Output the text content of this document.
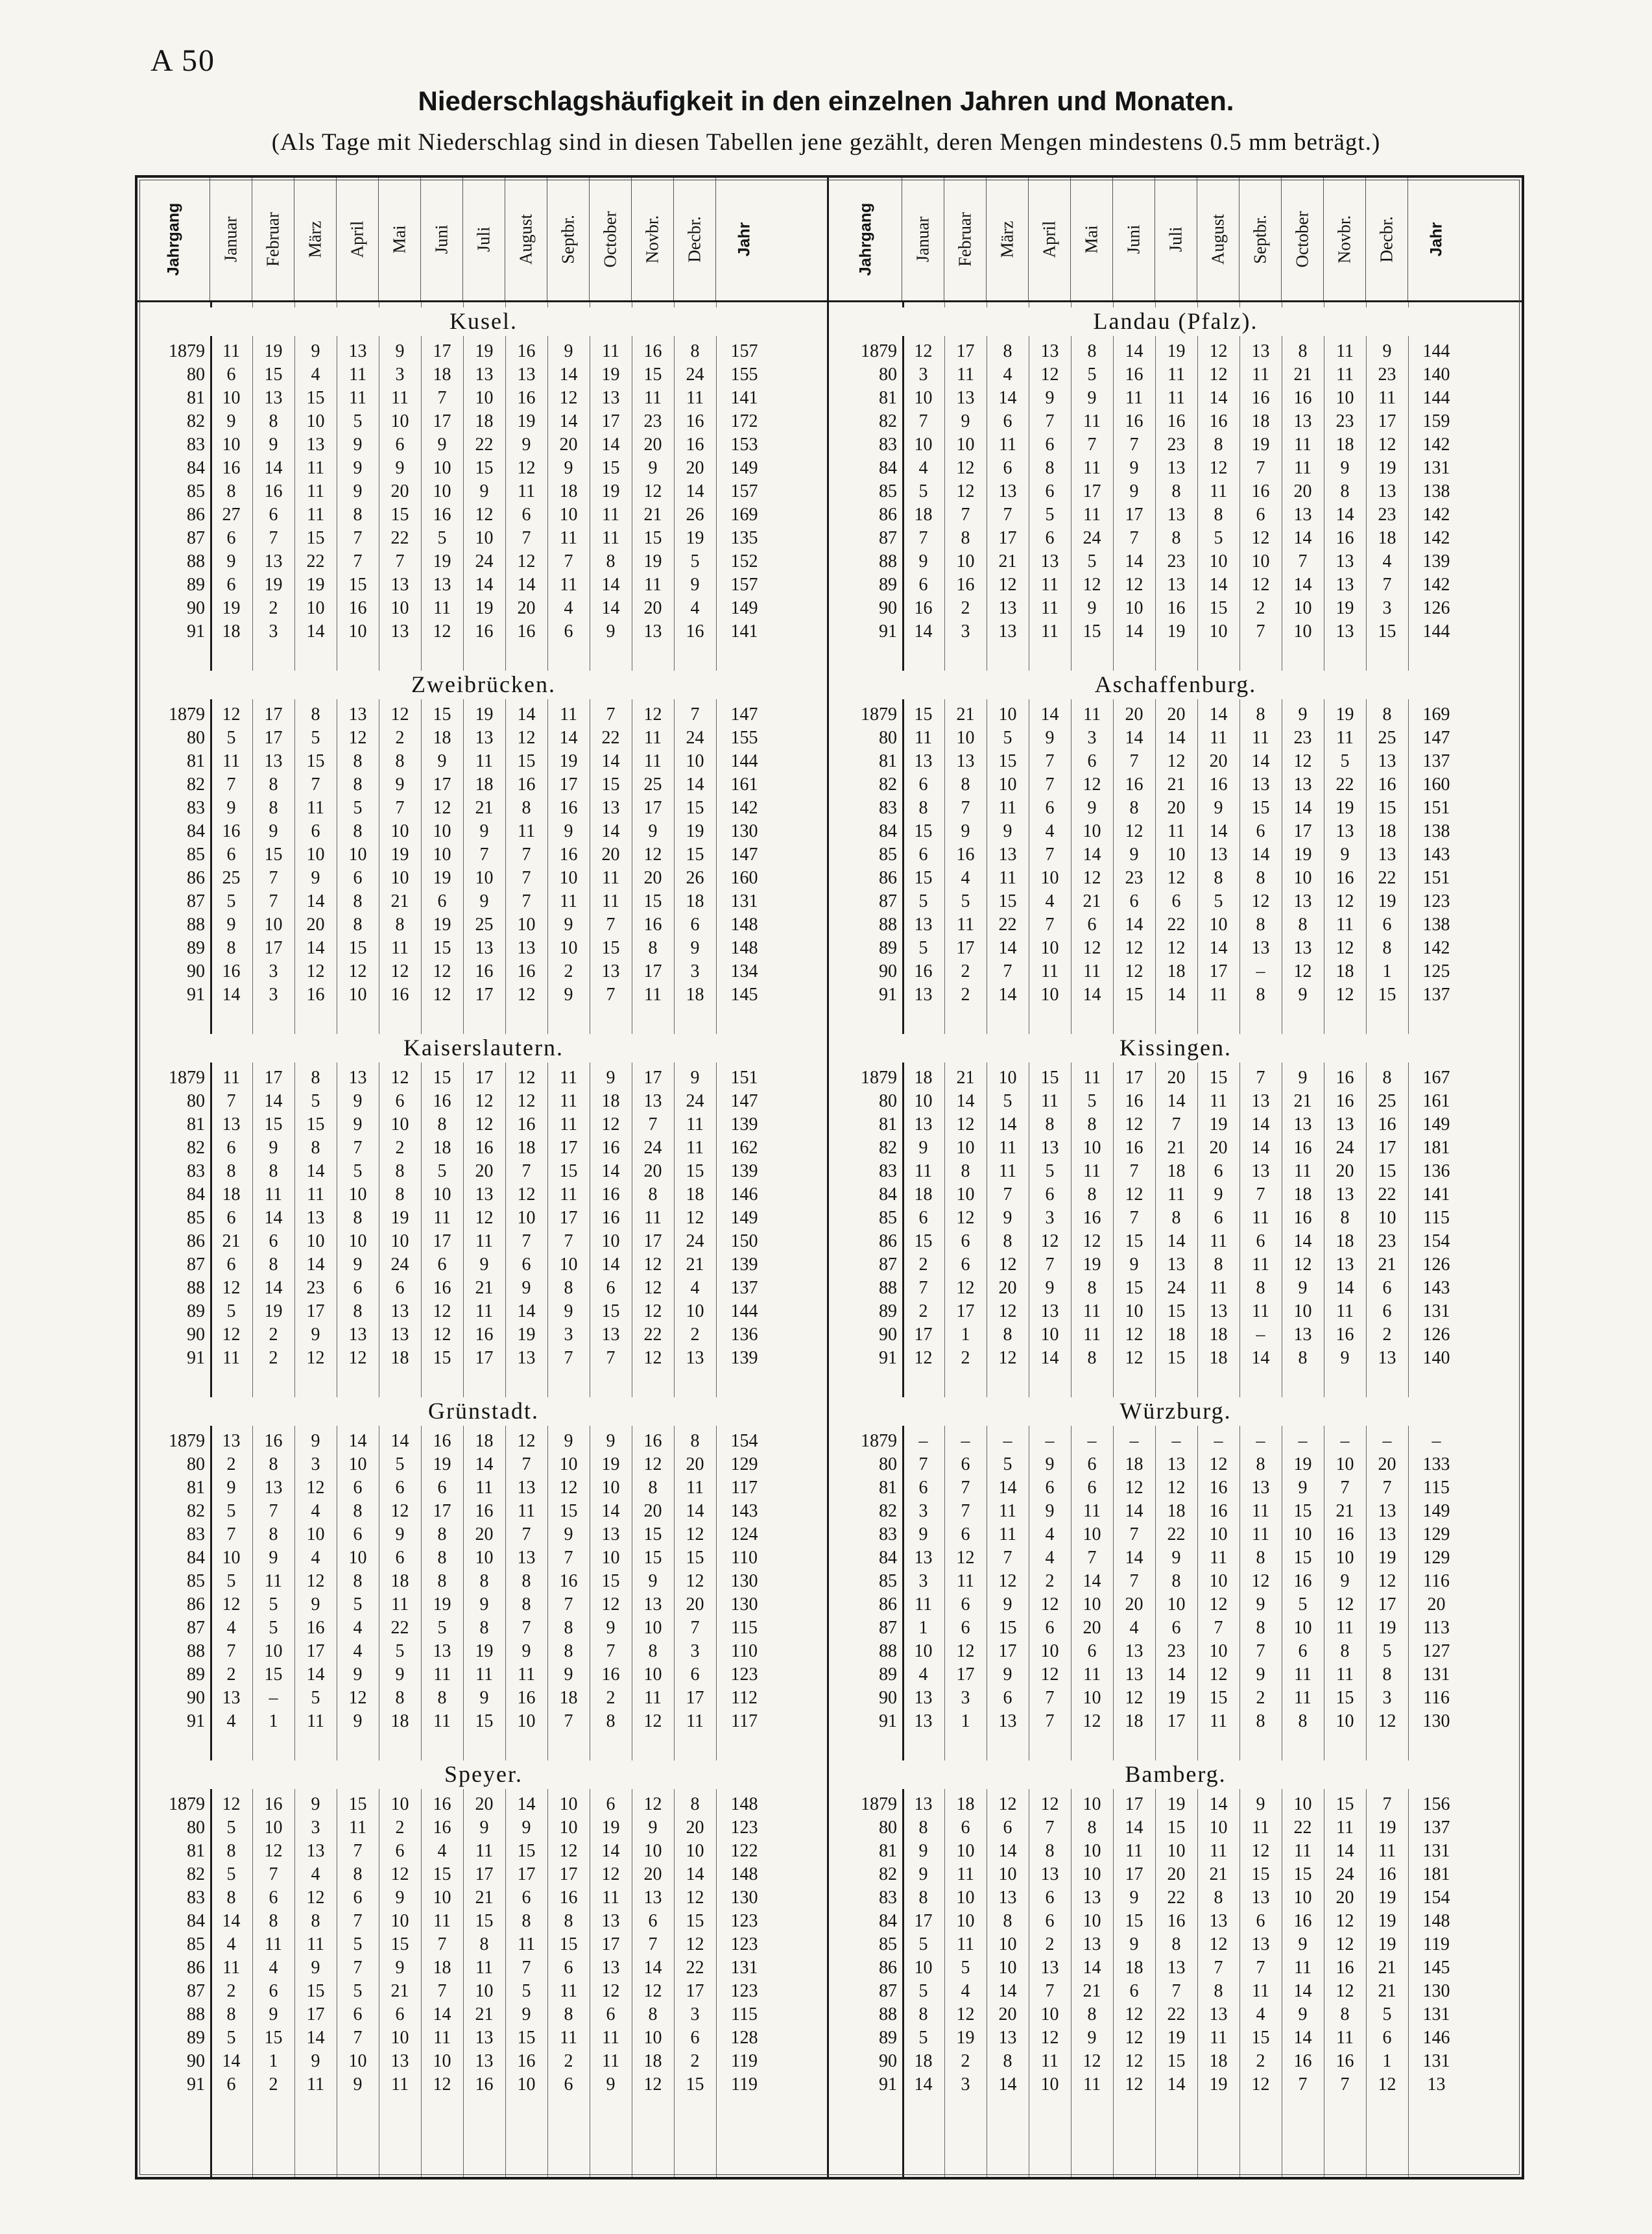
A 50
Niederschlagshäufigkeit in den einzelnen Jahren und Monaten.
(Als Tage mit Niederschlag sind in diesen Tabellen jene gezählt, deren Mengen mindestens 0.5 mm beträgt.)
Jahrgang Januar Februar März April Mai Juni Juli August Septbr. October Novbr. Decbr. Jahr
Kusel.
1879 11	19	9	13	9	17	19	16	9	11	16	8	157
80	6	15	4	11	3	18	13	13	14	19	15	24	155
81 10	13	15	11	11	7	10	16	12	13	11	11	141
82	9	8	10	5	10	17	18	19	14	17	23	16	172
83 10	9	13	9	6	9	22	9	20	14	20	16	153
84 16	14	11	9	9	10	15	12	9	15	9	20	149
85	8	16	11	9	20	10	9	11	18	19	12	14	157
86 27	6	11	8	15	16	12	6	10	11	21	26	169
87	6	7	15	7	22	5	10	7	11	11	15	19	135
88	9	13	22	7	7	19	24	12	7	8	19	5	152
89	6	19	19	15	13	13	14	14	11	14	11	9	157
90 19	2	10	16	10	11	19	20	4	14	20	4	149
91 18	3	14	10	13	12	16	16	6	9	13	16	141
Zweibrücken.
1879 12	17	8	13	12	15	19	14	11	7	12	7	147
80	5	17	5	12	2	18	13	12	14	22	11	24	155
81 11	13	15	8	8	9	11	15	19	14	11	10	144
82	7	8	7	8	9	17	18	16	17	15	25	14	161
83	9	8	11	5	7	12	21	8	16	13	17	15	142
84 16	9	6	8	10	10	9	11	9	14	9	19	130
85	6	15	10	10	19	10	7	7	16	20	12	15	147
86 25	7	9	6	10	19	10	7	10	11	20	26	160
87	5	7	14	8	21	6	9	7	11	11	15	18	131
88	9	10	20	8	8	19	25	10	9	7	16	6	148
89	8	17	14	15	11	15	13	13	10	15	8	9	148
90 16	3	12	12	12	12	16	16	2	13	17	3	134
91 14	3	16	10	16	12	17	12	9	7	11	18	145
Kaiserslautern.
1879 11	17	8	13	12	15	17	12	11	9	17	9	151
80	7	14	5	9	6	16	12	12	11	18	13	24	147
81 13	15	15	9	10	8	12	16	11	12	7	11	139
82	6	9	8	7	2	18	16	18	17	16	24	11	162
83	8	8	14	5	8	5	20	7	15	14	20	15	139
84 18	11	11	10	8	10	13	12	11	16	8	18	146
85	6	14	13	8	19	11	12	10	17	16	11	12	149
86 21	6	10	10	10	17	11	7	7	10	17	24	150
87	6	8	14	9	24	6	9	6	10	14	12	21	139
88 12	14	23	6	6	16	21	9	8	6	12	4	137
89	5	19	17	8	13	12	11	14	9	15	12	10	144
90 12	2	9	13	13	12	16	19	3	13	22	2	136
91 11	2	12	12	18	15	17	13	7	7	12	13	139
Grünstadt.
1879 13	16	9	14	14	16	18	12	9	9	16	8	154
80	2	8	3	10	5	19	14	7	10	19	12	20	129
81	9	13	12	6	6	6	11	13	12	10	8	11	117
82	5	7	4	8	12	17	16	11	15	14	20	14	143
83	7	8	10	6	9	8	20	7	9	13	15	12	124
84 10	9	4	10	6	8	10	13	7	10	15	15	110
85	5	11	12	8	18	8	8	8	16	15	9	12	130
86 12	5	9	5	11	19	9	8	7	12	13	20	130
87	4	5	16	4	22	5	8	7	8	9	10	7	115
88	7	10	17	4	5	13	19	9	8	7	8	3	110
89	2	15	14	9	9	11	11	11	9	16	10	6	123
90 13	–	5	12	8	8	9	16	18	2	11	17	112
91	4	1	11	9	18	11	15	10	7	8	12	11	117
Speyer.
1879 12	16	9	15	10	16	20	14	10	6	12	8	148
80	5	10	3	11	2	16	9	9	10	19	9	20	123
81	8	12	13	7	6	4	11	15	12	14	10	10	122
82	5	7	4	8	12	15	17	17	17	12	20	14	148
83	8	6	12	6	9	10	21	6	16	11	13	12	130
84 14	8	8	7	10	11	15	8	8	13	6	15	123
85	4	11	11	5	15	7	8	11	15	17	7	12	123
86 11	4	9	7	9	18	11	7	6	13	14	22	131
87	2	6	15	5	21	7	10	5	11	12	12	17	123
88	8	9	17	6	6	14	21	9	8	6	8	3	115
89	5	15	14	7	10	11	13	15	11	11	10	6	128
90 14	1	9	10	13	10	13	16	2	11	18	2	119
91	6	2	11	9	11	12	16	10	6	9	12	15	119
Jahrgang Januar Februar März April Mai Juni Juli August Septbr. October Novbr. Decbr. Jahr
Landau (Pfalz).
1879 12	17	8	13	8	14	19	12	13	8	11	9	144
80	3	11	4	12	5	16	11	12	11	21	11	23	140
81 10	13	14	9	9	11	11	14	16	16	10	11	144
82	7	9	6	7	11	16	16	16	18	13	23	17	159
83 10	10	11	6	7	7	23	8	19	11	18	12	142
84	4	12	6	8	11	9	13	12	7	11	9	19	131
85	5	12	13	6	17	9	8	11	16	20	8	13	138
86 18	7	7	5	11	17	13	8	6	13	14	23	142
87	7	8	17	6	24	7	8	5	12	14	16	18	142
88	9	10	21	13	5	14	23	10	10	7	13	4	139
89	6	16	12	11	12	12	13	14	12	14	13	7	142
90 16	2	13	11	9	10	16	15	2	10	19	3	126
91 14	3	13	11	15	14	19	10	7	10	13	15	144
Aschaffenburg.
1879 15	21	10	14	11	20	20	14	8	9	19	8	169
80 11	10	5	9	3	14	14	11	11	23	11	25	147
81 13	13	15	7	6	7	12	20	14	12	5	13	137
82	6	8	10	7	12	16	21	16	13	13	22	16	160
83	8	7	11	6	9	8	20	9	15	14	19	15	151
84 15	9	9	4	10	12	11	14	6	17	13	18	138
85	6	16	13	7	14	9	10	13	14	19	9	13	143
86 15	4	11	10	12	23	12	8	8	10	16	22	151
87	5	5	15	4	21	6	6	5	12	13	12	19	123
88 13	11	22	7	6	14	22	10	8	8	11	6	138
89	5	17	14	10	12	12	12	14	13	13	12	8	142
90 16	2	7	11	11	12	18	17	–	12	18	1	125
91 13	2	14	10	14	15	14	11	8	9	12	15	137
Kissingen.
1879 18	21	10	15	11	17	20	15	7	9	16	8	167
80 10	14	5	11	5	16	14	11	13	21	16	25	161
81 13	12	14	8	8	12	7	19	14	13	13	16	149
82	9	10	11	13	10	16	21	20	14	16	24	17	181
83 11	8	11	5	11	7	18	6	13	11	20	15	136
84 18	10	7	6	8	12	11	9	7	18	13	22	141
85	6	12	9	3	16	7	8	6	11	16	8	10	115
86 15	6	8	12	12	15	14	11	6	14	18	23	154
87	2	6	12	7	19	9	13	8	11	12	13	21	126
88	7	12	20	9	8	15	24	11	8	9	14	6	143
89	2	17	12	13	11	10	15	13	11	10	11	6	131
90 17	1	8	10	11	12	18	18	–	13	16	2	126
91 12	2	12	14	8	12	15	18	14	8	9	13	140
Würzburg.
1879	–	–	–	–	–	–	–	–	–	–	–	–	–
80	7	6	5	9	6	18	13	12	8	19	10	20	133
81	6	7	14	6	6	12	12	16	13	9	7	7	115
82	3	7	11	9	11	14	18	16	11	15	21	13	149
83	9	6	11	4	10	7	22	10	11	10	16	13	129
84 13	12	7	4	7	14	9	11	8	15	10	19	129
85	3	11	12	2	14	7	8	10	12	16	9	12	116
86 11	6	9	12	10	20	10	12	9	5	12	17	20
87	1	6	15	6	20	4	6	7	8	10	11	19	113
88 10	12	17	10	6	13	23	10	7	6	8	5	127
89	4	17	9	12	11	13	14	12	9	11	11	8	131
90 13	3	6	7	10	12	19	15	2	11	15	3	116
91 13	1	13	7	12	18	17	11	8	8	10	12	130
Bamberg.
1879 13	18	12	12	10	17	19	14	9	10	15	7	156
80	8	6	6	7	8	14	15	10	11	22	11	19	137
81	9	10	14	8	10	11	10	11	12	11	14	11	131
82	9	11	10	13	10	17	20	21	15	15	24	16	181
83	8	10	13	6	13	9	22	8	13	10	20	19	154
84 17	10	8	6	10	15	16	13	6	16	12	19	148
85	5	11	10	2	13	9	8	12	13	9	12	19	119
86 10	5	10	13	14	18	13	7	7	11	16	21	145
87	5	4	14	7	21	6	7	8	11	14	12	21	130
88	8	12	20	10	8	12	22	13	4	9	8	5	131
89	5	19	13	12	9	12	19	11	15	14	11	6	146
90 18	2	8	11	12	12	15	18	2	16	16	1	131
91 14	3	14	10	11	12	14	19	12	7	7	12	13
